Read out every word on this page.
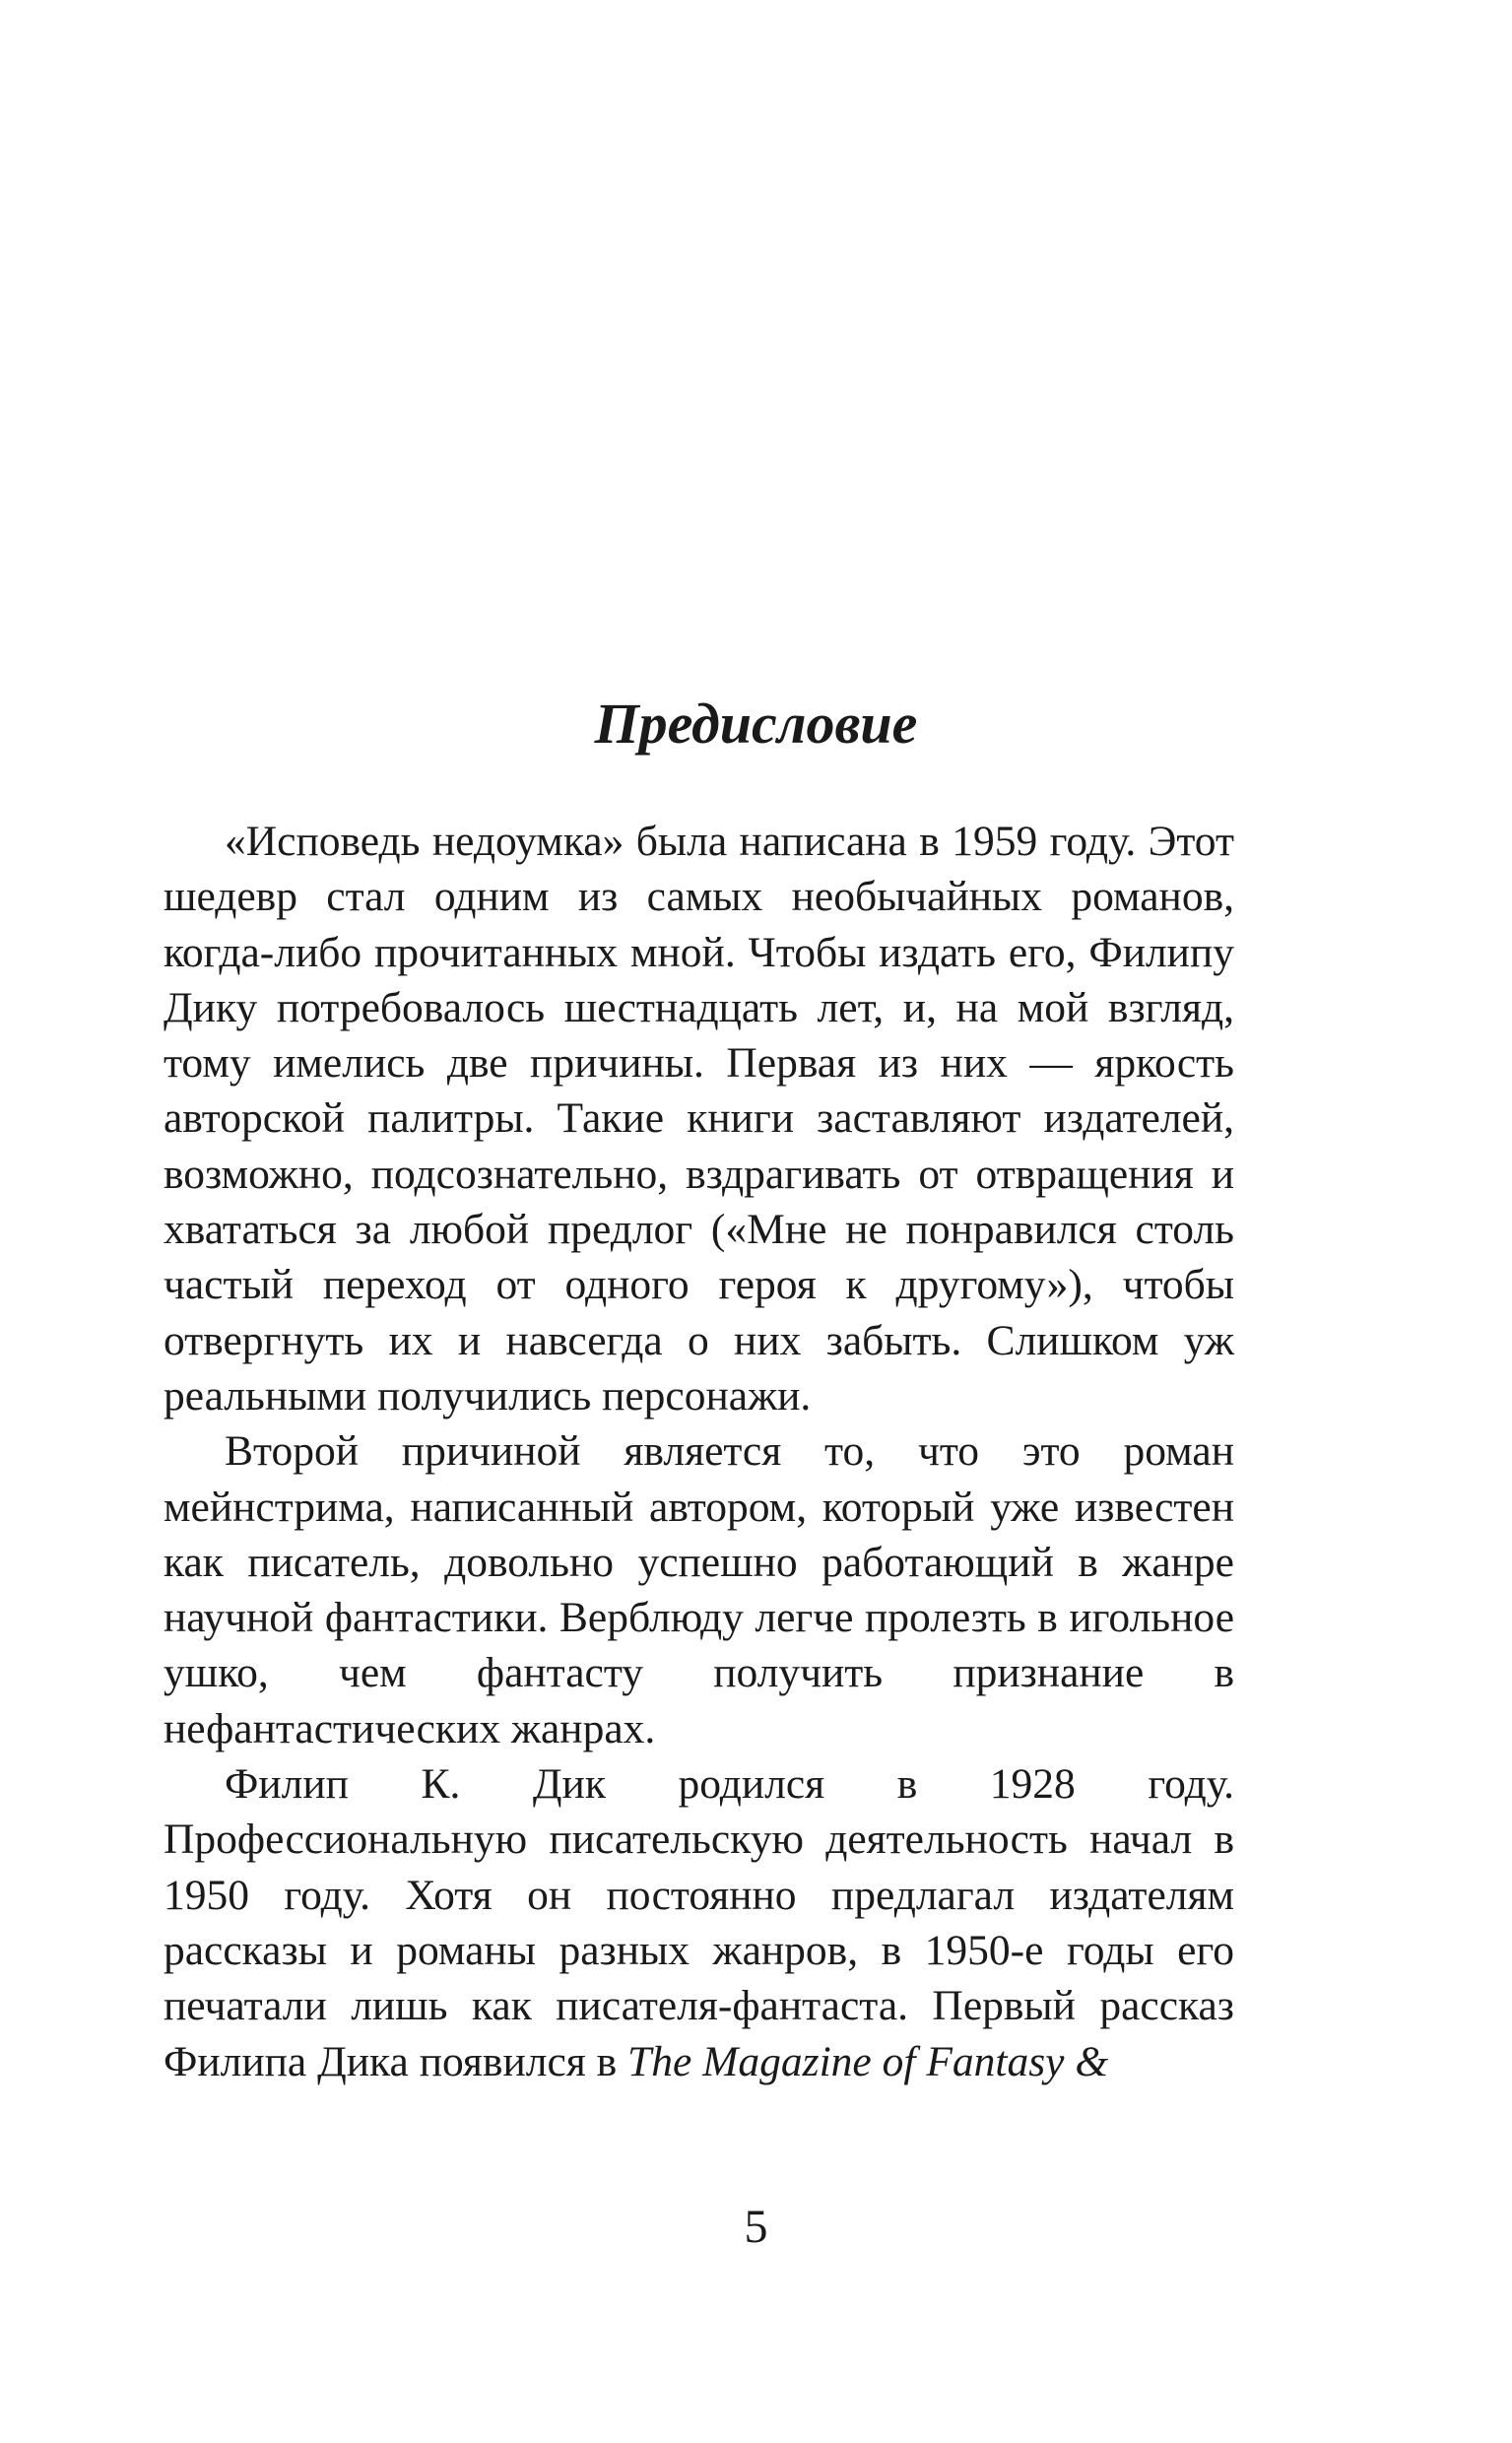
Предисловие

«Исповедь недоумка» была написана в 1959 году. Этот шедевр стал одним из самых необычайных романов, когда-либо прочитанных мной. Чтобы издать его, Филипу Дику потребовалось шестнадцать лет, и, на мой взгляд, тому имелись две причины. Первая из них — яркость авторской палитры. Такие книги заставляют издателей, возможно, подсознательно, вздрагивать от отвращения и хвататься за любой предлог («Мне не понравился столь частый переход от одного героя к другому»), чтобы отвергнуть их и навсегда о них забыть. Слишком уж реальными получились персонажи.

Второй причиной является то, что это роман мейнстрима, написанный автором, который уже известен как писатель, довольно успешно работающий в жанре научной фантастики. Верблюду легче пролезть в игольное ушко, чем фантасту получить признание в нефантастических жанрах.

Филип К. Дик родился в 1928 году. Профессиональную писательскую деятельность начал в 1950 году. Хотя он постоянно предлагал издателям рассказы и романы разных жанров, в 1950-е годы его печатали лишь как писателя-фантаста. Первый рассказ Филипа Дика появился в The Magazine of Fantasy &

5
